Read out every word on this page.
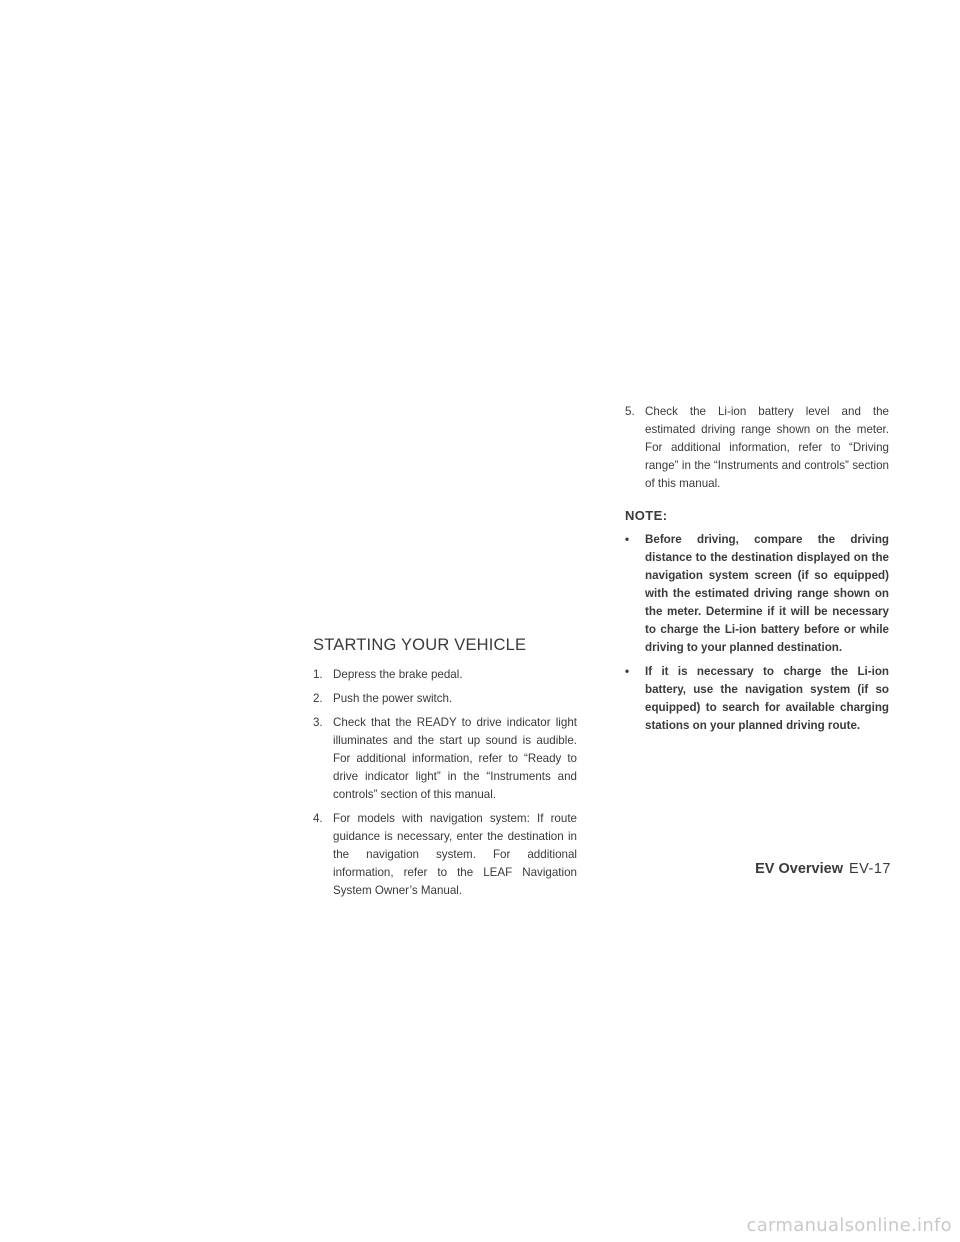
STARTING YOUR VEHICLE
1. Depress the brake pedal.
2. Push the power switch.
3. Check that the READY to drive indicator light illuminates and the start up sound is audible. For additional information, refer to “Ready to drive indicator light” in the “Instruments and controls” section of this manual.
4. For models with navigation system: If route guidance is necessary, enter the destination in the navigation system. For additional information, refer to the LEAF Navigation System Owner’s Manual.
5. Check the Li-ion battery level and the estimated driving range shown on the meter. For additional information, refer to “Driving range” in the “Instruments and controls” section of this manual.
NOTE:
• Before driving, compare the driving distance to the destination displayed on the navigation system screen (if so equipped) with the estimated driving range shown on the meter. Determine if it will be necessary to charge the Li-ion battery before or while driving to your planned destination.
• If it is necessary to charge the Li-ion battery, use the navigation system (if so equipped) to search for available charging stations on your planned driving route.
EV Overview EV-17
carmanualsonline.info
